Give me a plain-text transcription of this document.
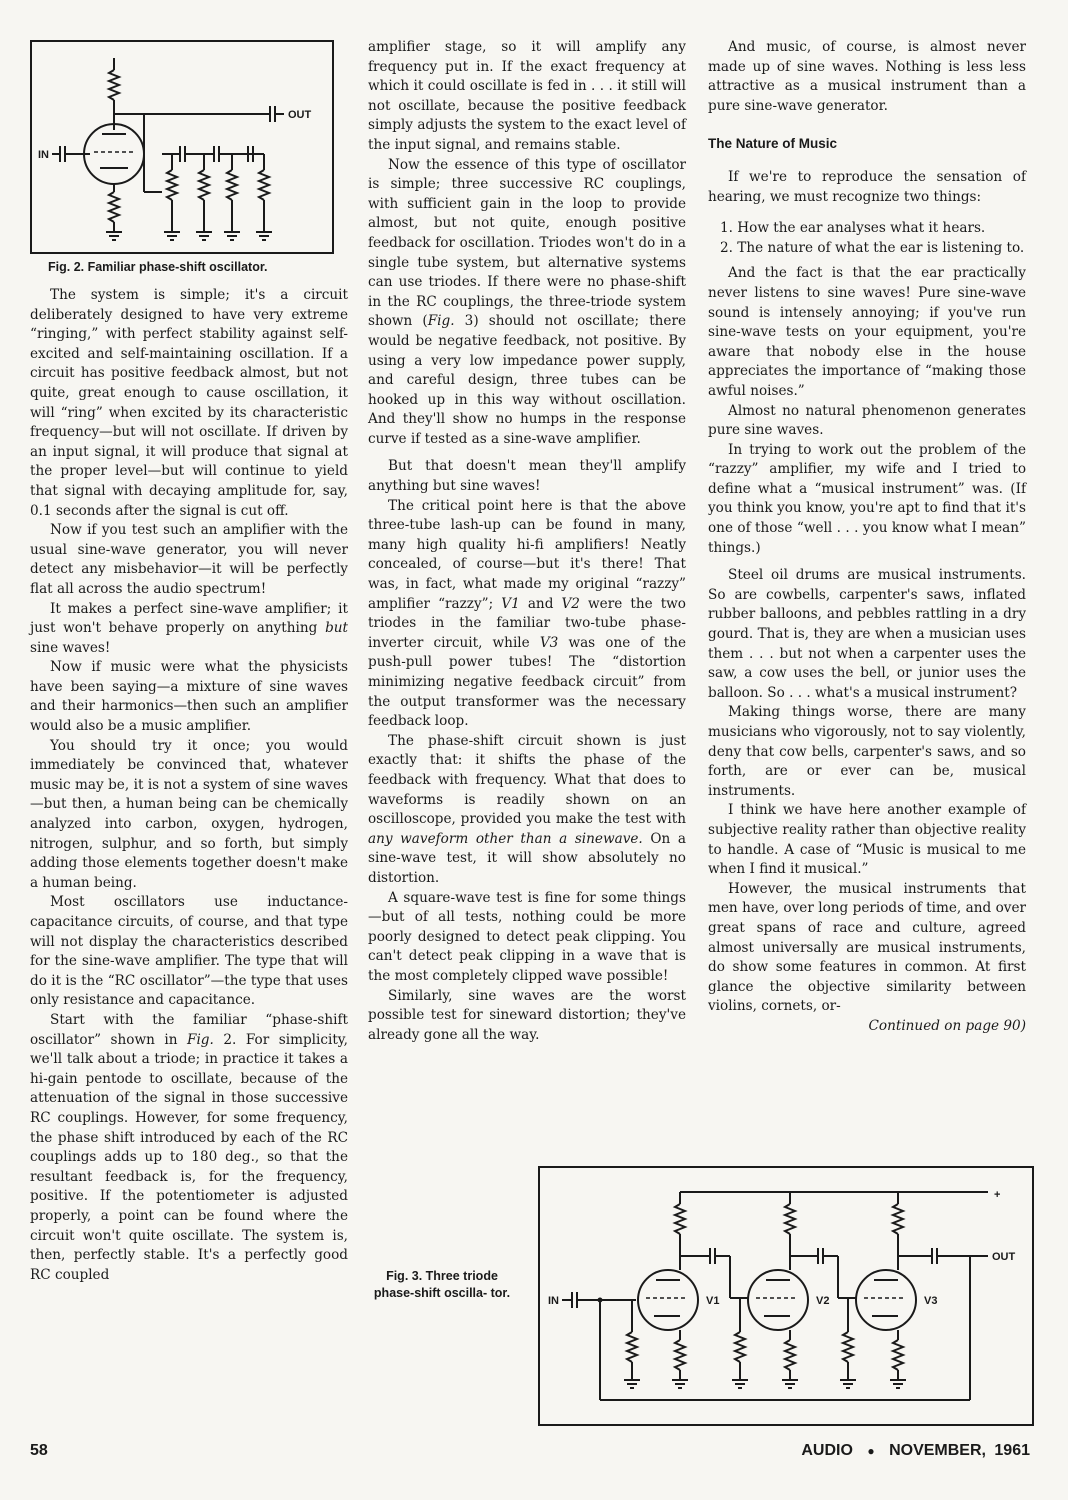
OUT
IN
Fig. 2. Familiar phase-shift oscillator.

The system is simple; it's a circuit deliberately designed to have very extreme “ringing,” with perfect stability against self-excited and self-maintaining oscillation. If a circuit has positive feedback almost, but not quite, great enough to cause oscillation, it will “ring” when excited by its characteristic frequency—but will not oscillate. If driven by an input signal, it will produce that signal at the proper level—but will continue to yield that signal with decaying amplitude for, say, 0.1 seconds after the signal is cut off.

Now if you test such an amplifier with the usual sine-wave generator, you will never detect any misbehavior—it will be perfectly flat all across the audio spectrum!

It makes a perfect sine-wave amplifier; it just won't behave properly on anything but sine waves!

Now if music were what the physicists have been saying—a mixture of sine waves and their harmonics—then such an amplifier would also be a music amplifier.

You should try it once; you would immediately be convinced that, whatever music may be, it is not a system of sine waves—but then, a human being can be chemically analyzed into carbon, oxygen, hydrogen, nitrogen, sulphur, and so forth, but simply adding those elements together doesn't make a human being.

Most oscillators use inductance-capacitance circuits, of course, and that type will not display the characteristics described for the sine-wave amplifier. The type that will do it is the “RC oscillator”—the type that uses only resistance and capacitance.

Start with the familiar “phase-shift oscillator” shown in Fig. 2. For simplicity, we'll talk about a triode; in practice it takes a hi-gain pentode to oscillate, because of the attenuation of the signal in those successive RC couplings. However, for some frequency, the phase shift introduced by each of the RC couplings adds up to 180 deg., so that the resultant feedback is, for the frequency, positive. If the potentiometer is adjusted properly, a point can be found where the circuit won't quite oscillate. The system is, then, perfectly stable. It's a perfectly good RC coupled

amplifier stage, so it will amplify any frequency put in. If the exact frequency at which it could oscillate is fed in . . . it still will not oscillate, because the positive feedback simply adjusts the system to the exact level of the input signal, and remains stable.

Now the essence of this type of oscillator is simple; three successive RC couplings, with sufficient gain in the loop to provide almost, but not quite, enough positive feedback for oscillation. Triodes won't do in a single tube system, but alternative systems can use triodes. If there were no phase-shift in the RC couplings, the three-triode system shown (Fig. 3) should not oscillate; there would be negative feedback, not positive. By using a very low impedance power supply, and careful design, three tubes can be hooked up in this way without oscillation. And they'll show no humps in the response curve if tested as a sine-wave amplifier.

But that doesn't mean they'll amplify anything but sine waves!

The critical point here is that the above three-tube lash-up can be found in many, many high quality hi-fi amplifiers! Neatly concealed, of course—but it's there! That was, in fact, what made my original “razzy” amplifier “razzy”; V1 and V2 were the two triodes in the familiar two-tube phase-inverter circuit, while V3 was one of the push-pull power tubes! The “distortion minimizing negative feedback circuit” from the output transformer was the necessary feedback loop.

The phase-shift circuit shown is just exactly that: it shifts the phase of the feedback with frequency. What that does to waveforms is readily shown on an oscilloscope, provided you make the test with any waveform other than a sinewave. On a sine-wave test, it will show absolutely no distortion.

A square-wave test is fine for some things—but of all tests, nothing could be more poorly designed to detect peak clipping. You can't detect peak clipping in a wave that is the most completely clipped wave possible!

Similarly, sine waves are the worst possible test for sineward distortion; they've already gone all the way.

And music, of course, is almost never made up of sine waves. Nothing is less less attractive as a musical instrument than a pure sine-wave generator.

The Nature of Music

If we're to reproduce the sensation of hearing, we must recognize two things:

1. How the ear analyses what it hears.
2. The nature of what the ear is listening to.

And the fact is that the ear practically never listens to sine waves! Pure sine-wave sound is intensely annoying; if you've run sine-wave tests on your equipment, you're aware that nobody else in the house appreciates the importance of “making those awful noises.”

Almost no natural phenomenon generates pure sine waves.

In trying to work out the problem of the “razzy” amplifier, my wife and I tried to define what a “musical instrument” was. (If you think you know, you're apt to find that it's one of those “well . . . you know what I mean” things.)

Steel oil drums are musical instruments. So are cowbells, carpenter's saws, inflated rubber balloons, and pebbles rattling in a dry gourd. That is, they are when a musician uses them . . . but not when a carpenter uses the saw, a cow uses the bell, or junior uses the balloon. So . . . what's a musical instrument?

Making things worse, there are many musicians who vigorously, not to say violently, deny that cow bells, carpenter's saws, and so forth, are or ever can be, musical instruments.

I think we have here another example of subjective reality rather than objective reality to handle. A case of “Music is musical to me when I find it musical.”

However, the musical instruments that men have, over long periods of time, and over great spans of race and culture, agreed almost universally are musical instruments, do show some features in common. At first glance the objective similarity between violins, cornets, or-

Continued on page 90)

Fig. 3. Three triode phase-shift oscilla- tor.
+
V1	V2	V3
OUT
IN
58	AUDIO ● NOVEMBER, 1961
